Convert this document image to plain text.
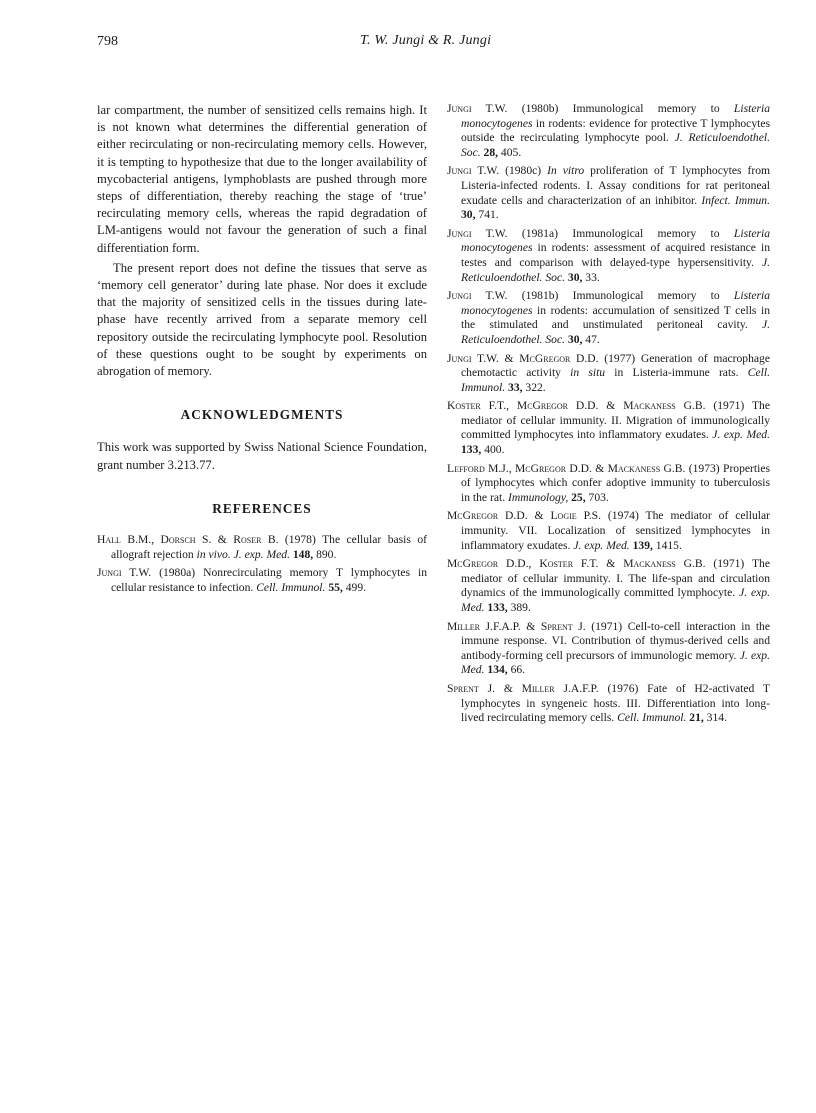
798	T. W. Jungi & R. Jungi

lar compartment, the number of sensitized cells remains high. It is not known what determines the differential generation of either recirculating or non-recirculating memory cells. However, it is tempting to hypothesize that due to the longer availability of mycobacterial antigens, lymphoblasts are pushed through more steps of differentiation, thereby reaching the stage of ‘true’ recirculating memory cells, whereas the rapid degradation of LM-antigens would not favour the generation of such a final differentiation form.

The present report does not define the tissues that serve as ‘memory cell generator’ during late phase. Nor does it exclude that the majority of sensitized cells in the tissues during late-phase have recently arrived from a separate memory cell repository outside the recirculating lymphocyte pool. Resolution of these questions ought to be sought by experiments on abrogation of memory.

ACKNOWLEDGMENTS

This work was supported by Swiss National Science Foundation, grant number 3.213.77.

REFERENCES
Hall B.M., Dorsch S. & Roser B. (1978) The cellular basis of allograft rejection in vivo. J. exp. Med. 148, 890.
Jungi T.W. (1980a) Nonrecirculating memory T lymphocytes in cellular resistance to infection. Cell. Immunol. 55, 499.
Jungi T.W. (1980b) Immunological memory to Listeria monocytogenes in rodents: evidence for protective T lymphocytes outside the recirculating lymphocyte pool. J. Reticuloendothel. Soc. 28, 405.
Jungi T.W. (1980c) In vitro proliferation of T lymphocytes from Listeria-infected rodents. I. Assay conditions for rat peritoneal exudate cells and characterization of an inhibitor. Infect. Immun. 30, 741.
Jungi T.W. (1981a) Immunological memory to Listeria monocytogenes in rodents: assessment of acquired resistance in testes and comparison with delayed-type hypersensitivity. J. Reticuloendothel. Soc. 30, 33.
Jungi T.W. (1981b) Immunological memory to Listeria monocytogenes in rodents: accumulation of sensitized T cells in the stimulated and unstimulated peritoneal cavity. J. Reticuloendothel. Soc. 30, 47.
Jungi T.W. & McGregor D.D. (1977) Generation of macrophage chemotactic activity in situ in Listeria-immune rats. Cell. Immunol. 33, 322.
Koster F.T., McGregor D.D. & Mackaness G.B. (1971) The mediator of cellular immunity. II. Migration of immunologically committed lymphocytes into inflammatory exudates. J. exp. Med. 133, 400.
Lefford M.J., McGregor D.D. & Mackaness G.B. (1973) Properties of lymphocytes which confer adoptive immunity to tuberculosis in the rat. Immunology, 25, 703.
McGregor D.D. & Logie P.S. (1974) The mediator of cellular immunity. VII. Localization of sensitized lymphocytes in inflammatory exudates. J. exp. Med. 139, 1415.
McGregor D.D., Koster F.T. & Mackaness G.B. (1971) The mediator of cellular immunity. I. The life-span and circulation dynamics of the immunologically committed lymphocyte. J. exp. Med. 133, 389.
Miller J.F.A.P. & Sprent J. (1971) Cell-to-cell interaction in the immune response. VI. Contribution of thymus-derived cells and antibody-forming cell precursors of immunologic memory. J. exp. Med. 134, 66.
Sprent J. & Miller J.A.F.P. (1976) Fate of H2-activated T lymphocytes in syngeneic hosts. III. Differentiation into long-lived recirculating memory cells. Cell. Immunol. 21, 314.
